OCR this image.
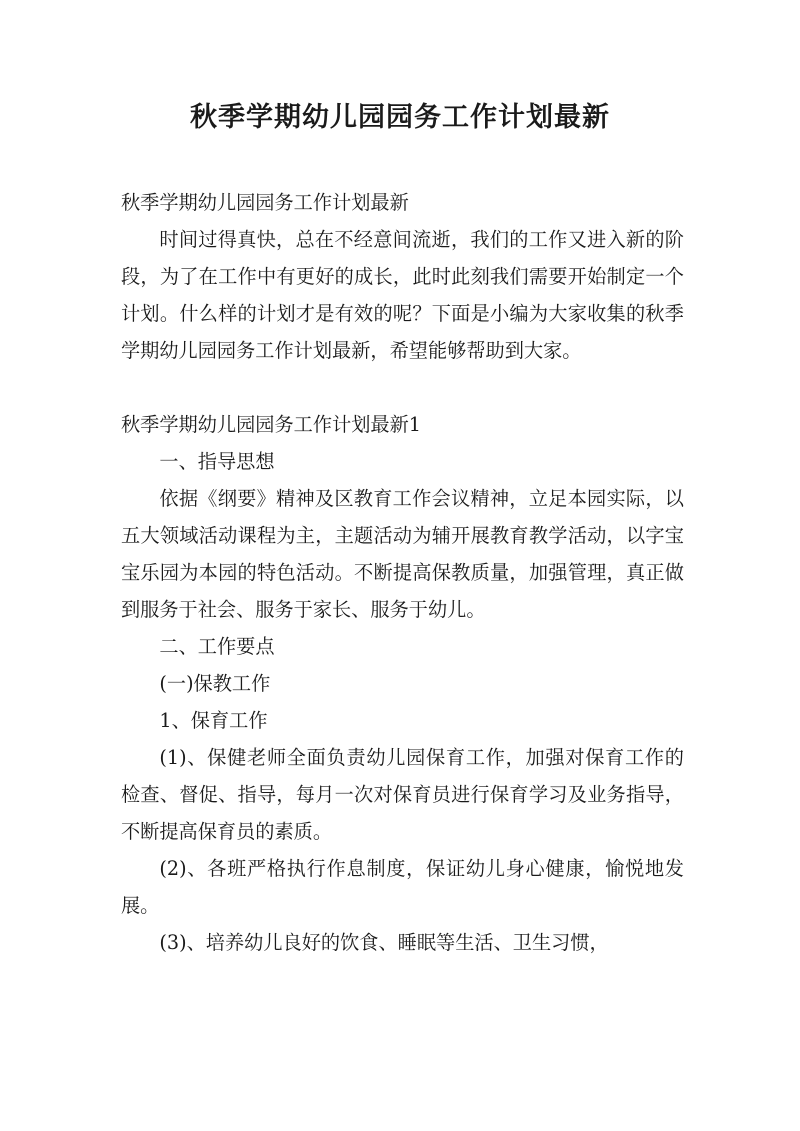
秋季学期幼儿园园务工作计划最新

秋季学期幼儿园园务工作计划最新

时间过得真快，总在不经意间流逝，我们的工作又进入新的阶段，为了在工作中有更好的成长，此时此刻我们需要开始制定一个计划。什么样的计划才是有效的呢？下面是小编为大家收集的秋季学期幼儿园园务工作计划最新，希望能够帮助到大家。

秋季学期幼儿园园务工作计划最新1

一、指导思想

依据《纲要》精神及区教育工作会议精神，立足本园实际，以五大领域活动课程为主，主题活动为辅开展教育教学活动，以字宝宝乐园为本园的特色活动。不断提高保教质量，加强管理，真正做到服务于社会、服务于家长、服务于幼儿。

二、工作要点

(一)保教工作

1、保育工作

(1)、保健老师全面负责幼儿园保育工作，加强对保育工作的检查、督促、指导，每月一次对保育员进行保育学习及业务指导，不断提高保育员的素质。

(2)、各班严格执行作息制度，保证幼儿身心健康，愉悦地发展。

(3)、培养幼儿良好的饮食、睡眠等生活、卫生习惯，
